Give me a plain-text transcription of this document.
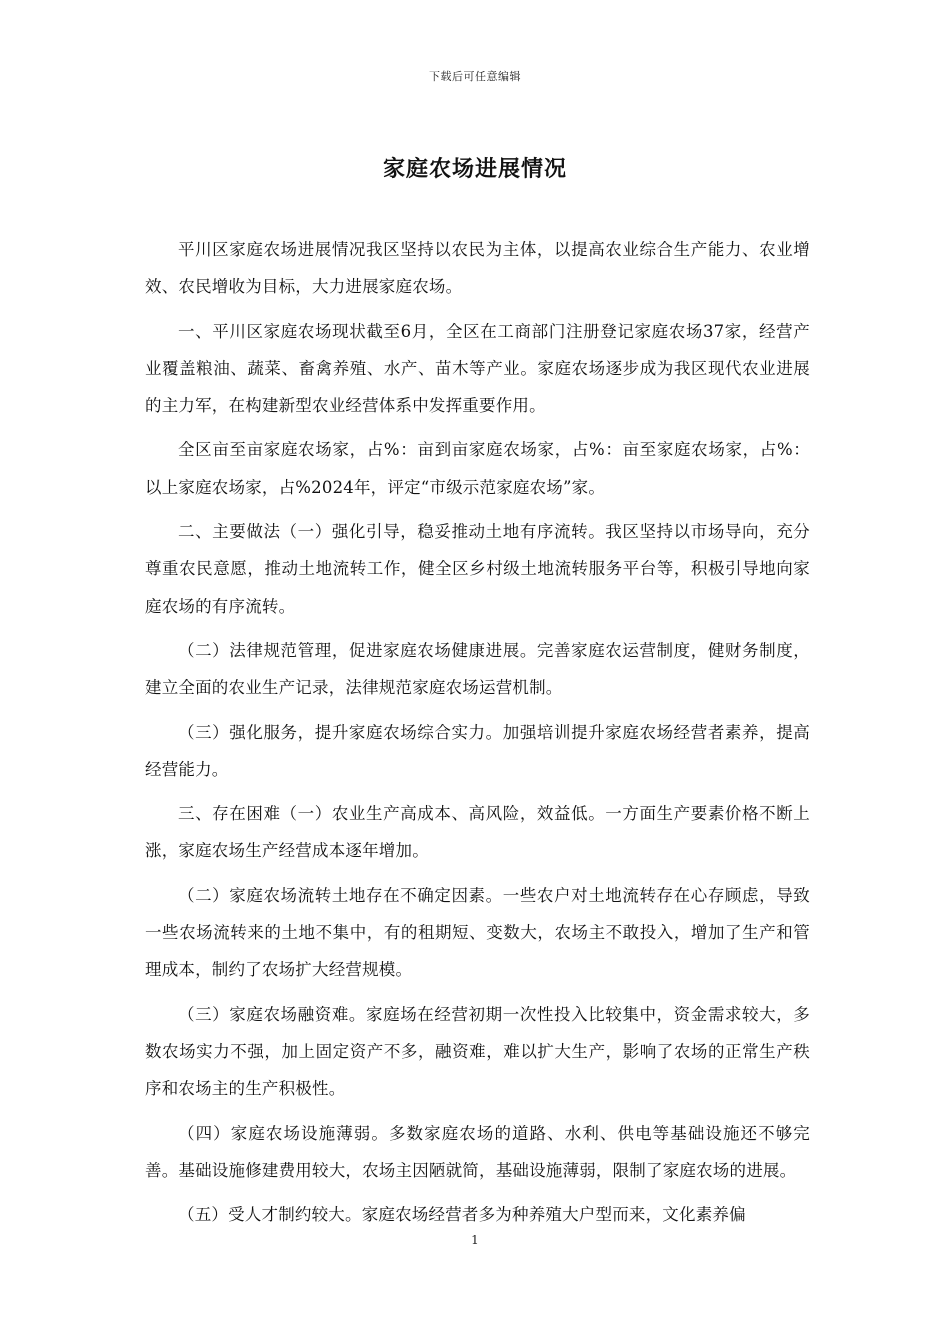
下载后可任意编辑
家庭农场进展情况

平川区家庭农场进展情况我区坚持以农民为主体，以提高农业综合生产能力、农业增效、农民增收为目标，大力进展家庭农场。

一、平川区家庭农场现状截至6月，全区在工商部门注册登记家庭农场37家，经营产业覆盖粮油、蔬菜、畜禽养殖、水产、苗木等产业。家庭农场逐步成为我区现代农业进展的主力军，在构建新型农业经营体系中发挥重要作用。

全区亩至亩家庭农场家，占%：亩到亩家庭农场家，占%：亩至家庭农场家，占%：以上家庭农场家，占%2024年，评定“市级示范家庭农场”家。

二、主要做法（一）强化引导，稳妥推动土地有序流转。我区坚持以市场导向，充分尊重农民意愿，推动土地流转工作，健全区乡村级土地流转服务平台等，积极引导地向家庭农场的有序流转。

（二）法律规范管理，促进家庭农场健康进展。完善家庭农运营制度，健财务制度，建立全面的农业生产记录，法律规范家庭农场运营机制。

（三）强化服务，提升家庭农场综合实力。加强培训提升家庭农场经营者素养，提高经营能力。

三、存在困难（一）农业生产高成本、高风险，效益低。一方面生产要素价格不断上涨，家庭农场生产经营成本逐年增加。

（二）家庭农场流转土地存在不确定因素。一些农户对土地流转存在心存顾虑，导致一些农场流转来的土地不集中，有的租期短、变数大，农场主不敢投入，增加了生产和管理成本，制约了农场扩大经营规模。

（三）家庭农场融资难。家庭场在经营初期一次性投入比较集中，资金需求较大，多数农场实力不强，加上固定资产不多，融资难，难以扩大生产，影响了农场的正常生产秩序和农场主的生产积极性。

（四）家庭农场设施薄弱。多数家庭农场的道路、水利、供电等基础设施还不够完善。基础设施修建费用较大，农场主因陋就简，基础设施薄弱，限制了家庭农场的进展。

（五）受人才制约较大。家庭农场经营者多为种养殖大户型而来，文化素养偏

1
